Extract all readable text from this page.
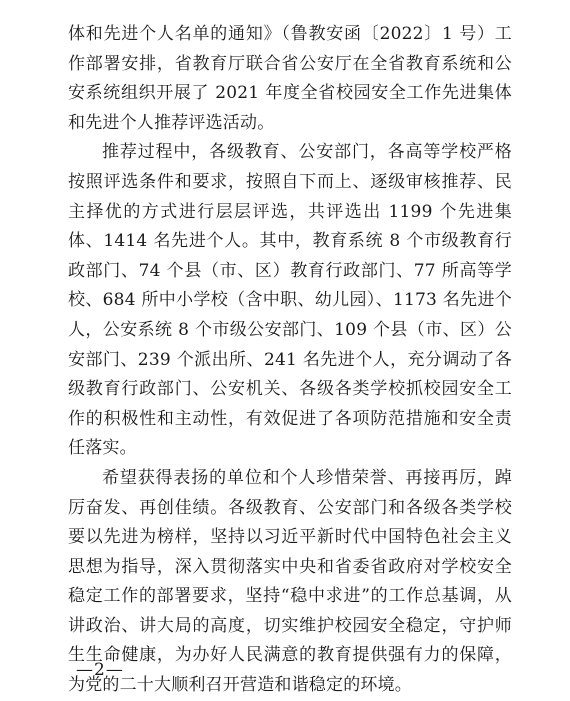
体和先进个人名单的通知》（鲁教安函〔2022〕1 号）工作部署安排，省教育厅联合省公安厅在全省教育系统和公安系统组织开展了 2021 年度全省校园安全工作先进集体和先进个人推荐评选活动。

推荐过程中，各级教育、公安部门，各高等学校严格按照评选条件和要求，按照自下而上、逐级审核推荐、民主择优的方式进行层层评选，共评选出 1199 个先进集体、1414 名先进个人。其中，教育系统 8 个市级教育行政部门、74 个县（市、区）教育行政部门、77 所高等学校、684 所中小学校（含中职、幼儿园）、1173 名先进个人，公安系统 8 个市级公安部门、109 个县（市、区）公安部门、239 个派出所、241 名先进个人，充分调动了各级教育行政部门、公安机关、各级各类学校抓校园安全工作的积极性和主动性，有效促进了各项防范措施和安全责任落实。

希望获得表扬的单位和个人珍惜荣誉、再接再厉，踔厉奋发、再创佳绩。各级教育、公安部门和各级各类学校要以先进为榜样，坚持以习近平新时代中国特色社会主义思想为指导，深入贯彻落实中央和省委省政府对学校安全稳定工作的部署要求，坚持“稳中求进”的工作总基调，从讲政治、讲大局的高度，切实维护校园安全稳定，守护师生生命健康，为办好人民满意的教育提供强有力的保障，为党的二十大顺利召开营造和谐稳定的环境。

—2—
